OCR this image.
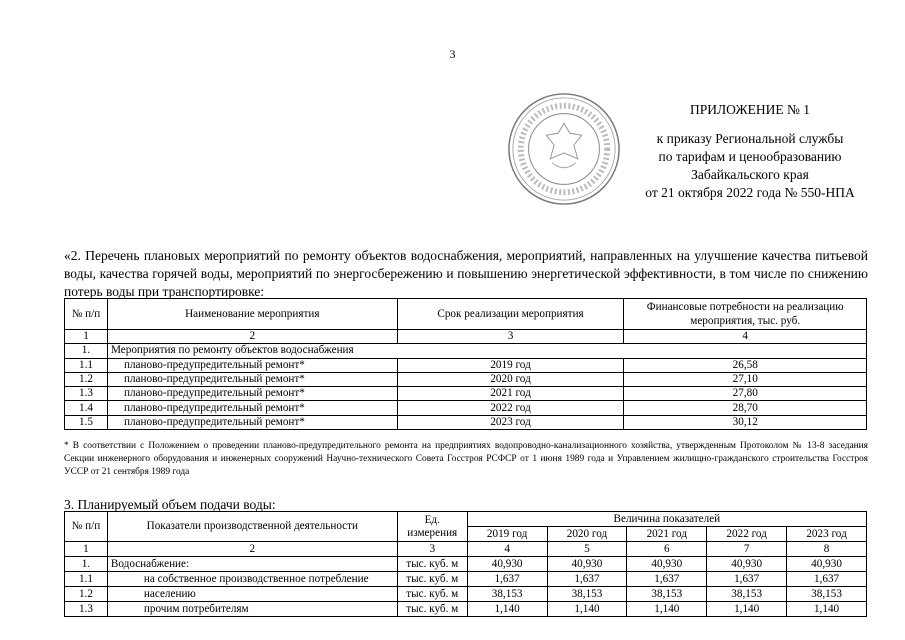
3
ПРИЛОЖЕНИЕ № 1
к приказу Региональной службы
по тарифам и ценообразованию
Забайкальского края
от 21 октября 2022 года № 550-НПА
«2. Перечень плановых мероприятий по ремонту объектов водоснабжения, мероприятий, направленных на улучшение качества питьевой воды, качества горячей воды, мероприятий по энергосбережению и повышению энергетической эффективности, в том числе по снижению потерь воды при транспортировке:
№ п/п	Наименование мероприятия	Срок реализации мероприятия	Финансовые потребности на реализацию мероприятия, тыс. руб.
1	2	3	4
1.	Мероприятия по ремонту объектов водоснабжения		
1.1	планово-предупредительный ремонт*	2019 год	26,58
1.2	планово-предупредительный ремонт*	2020 год	27,10
1.3	планово-предупредительный ремонт*	2021 год	27,80
1.4	планово-предупредительный ремонт*	2022 год	28,70
1.5	планово-предупредительный ремонт*	2023 год	30,12
* В соответствии с Положением о проведении планово-предупредительного ремонта на предприятиях водопроводно-канализационного хозяйства, утвержденным Протоколом № 13-8 заседания Секции инженерного оборудования и инженерных сооружений Научно-технического Совета Госстроя РСФСР от 1 июня 1989 года и Управлением жилищно-гражданского строительства Госстроя УССР от 21 сентября 1989 года
3. Планируемый объем подачи воды:
№ п/п	Показатели производственной деятельности	Ед. измерения	Величина показателей				
			2019 год	2020 год	2021 год	2022 год	2023 год
1	2	3	4	5	6	7	8
1.	Водоснабжение:	тыс. куб. м	40,930	40,930	40,930	40,930	40,930
1.1	на собственное производственное потребление	тыс. куб. м	1,637	1,637	1,637	1,637	1,637
1.2	населению	тыс. куб. м	38,153	38,153	38,153	38,153	38,153
1.3	прочим потребителям	тыс. куб. м	1,140	1,140	1,140	1,140	1,140
